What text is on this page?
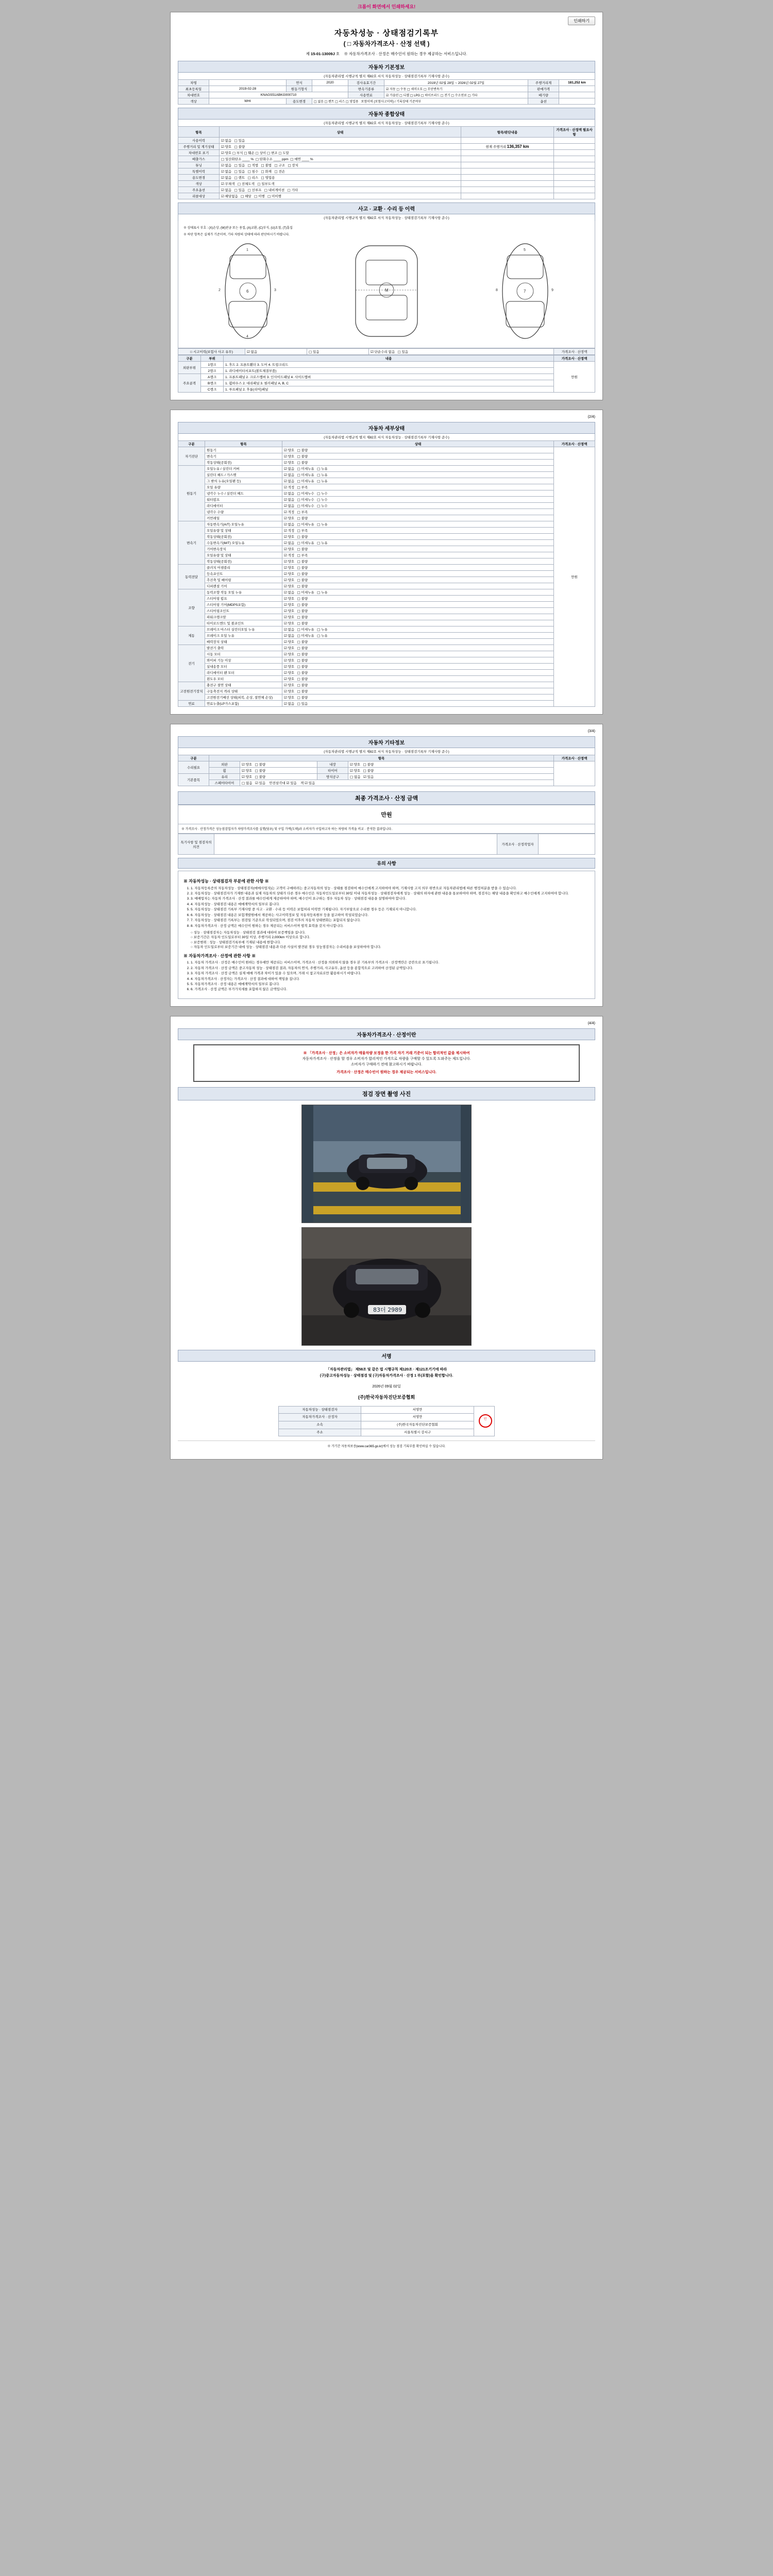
크롬이 화면에서 인쇄하세요!
인쇄하기
자동차성능 · 상태점검기록부
( □ 자동차가격조사 · 산정 선택 )
제 15-01-13009J 호 ※ 자동차가격조사 · 산정은 매수인이 원하는 경우 제공하는 서비스입니다.
자동차 기본정보
(자동차관리법 시행규칙 별지 제82호 서식 자동차성능 · 상태점검기록부 기재사항 준수)
차명		연식	2020	검사유효기간	2019년 02월 28일 ~ 2026년 02월 27일	주행거리계	181,252 km
최초등록일	2019-02-28	원동기형식		변속기종류	☑ 자동 □ 수동 □ 세미오토 □ 무단변속기	판매가격	
차대번호	KNAGS51ABKG000710			사용연료	☑ 가솔린 □ 디젤 □ LPG □ 하이브리드 □ 전기 □ 수소연료 □ 기타	배기량	
색상	WHI	용도변경	□ 없음 □ 렌트 □ 리스 □ 영업용   보험이력 (보험사고이력) / 기록상태 기준여부			옵션	
자동차 종합상태
(자동차관리법 시행규칙 별지 제82호 서식 자동차성능 · 상태점검기록부 기재사항 준수)
항목	상태	항목/판단내용	가격조사 · 산정액 필요사항
사용이력	☑ 없음   □ 있음		
주행거리 및 계기상태	☑ 양호   □ 불량	현재 주행거리 136,357 km	
차대번호 표기	☑ 양호 □ 부식 □ 훼손 □ 상이 □ 변조 □ 도말		
배출가스	□ 일산화탄소 ____ %  □ 탄화수소 ____ ppm  □ 매연 ____ %		
튜닝	☑ 없음   □ 있음   □ 적법   □ 불법   □ 구조   □ 장치		
특별이력	☑ 없음   □ 있음   □ 침수   □ 화재   □ 전손		
용도변경	☑ 없음   □ 렌트   □ 리스   □ 영업용		
색상	☑ 무채색   □ 전체도색   □ 일부도색		
주요옵션	☑ 없음   □ 있음   □ 선루프   □ 내비게이션   □ 기타		
리콜대상	☑ 해당없음   □ 해당   □ 이행   □ 미이행		
사고 · 교환 · 수리 등 이력
(자동차관리법 시행규칙 별지 제82호 서식 자동차성능 · 상태점검기록부 기재사항 준수)
※ 상태표시 부호 : (X)손상, (W)판금 또는 용접, (A)교환, (C)부식, (U)요철, (T)흠집
※ 하단 항목은 실제가 기준이며, 기타 차량의 상태에 따라 판단하시기 바랍니다.
6
1
4
2	3	M	7
5
8	9
□ 시고이력(보험사 사고 유무)	☑ 없음	□ 있음	☑ 단순수리 없음   □ 있음	가격조사 · 산정액
구분	부위	내용	가격조사 · 산정액
외판부위	1랭크	1. 후드 2. 프론트휀더 3. 도어 4. 트렁크리드	만원
	2랭크	1. 라디에이터서포트(볼트체결부품)	
주요골격	A랭크	1. 프론트패널 2. 크로스멤버 3. 인사이드패널 4. 사이드멤버	
	B랭크	1. 휠하우스 2. 대쉬패널 3. 필러패널 A, B, C	
	C랭크	1. 루프패널 2. 후륜(리어)패널	
(2/4)
자동차 세부상태
(자동차관리법 시행규칙 별지 제82호 서식 자동차성능 · 상태점검기록부 기재사항 준수)
구분	항목	상태	가격조사 · 산정액
자기진단	원동기	☑ 양호   □ 불량	만원
	변속기	☑ 양호   □ 불량	
	작동상태(공회전)	☑ 양호   □ 불량	
원동기	오일누유 / 실린더 커버	☑ 없음   □ 미세누유   □ 누유	
	실린더 헤드 / 가스켓	☑ 없음   □ 미세누유   □ 누유	
	그 밖의 누유(오일팬 등)	☑ 없음   □ 미세누유   □ 누유	
	오일 유량	☑ 적정   □ 부족	
	냉각수 누수 / 실린더 헤드	☑ 없음   □ 미세누수   □ 누수	
	워터펌프	☑ 없음   □ 미세누수   □ 누수	
	라디에이터	☑ 없음   □ 미세누수   □ 누수	
	냉각수 수량	☑ 적정   □ 부족	
	커먼레일	☑ 양호   □ 불량	
변속기	자동변속기(A/T) 오일누유	☑ 없음   □ 미세누유   □ 누유	
	오일유량 및 상태	☑ 적정   □ 부족	
	작동상태(공회전)	☑ 양호   □ 불량	
	수동변속기(M/T) 오일누유	☑ 없음   □ 미세누유   □ 누유	
	기어변속장치	☑ 양호   □ 불량	
	오일유량 및 상태	☑ 적정   □ 부족	
	작동상태(공회전)	☑ 양호   □ 불량	
동력전달	클러치 어셈블리	☑ 양호   □ 불량	
	등속죠인트	☑ 양호   □ 불량	
	추진축 및 베어링	☑ 양호   □ 불량	
	디퍼렌셜 기어	☑ 양호   □ 불량	
조향	동력조향 작동 오일 누유	☑ 없음   □ 미세누유   □ 누유	
	스티어링 펌프	☑ 양호   □ 불량	
	스티어링 기어(MDPS포함)	☑ 양호   □ 불량	
	스티어링조인트	☑ 양호   □ 불량	
	파워크랭크암	☑ 양호   □ 불량	
	타이로드엔드 및 볼죠인트	☑ 양호   □ 불량	
제동	브레이크 마스터 실린더오일 누유	☑ 없음   □ 미세누유   □ 누유	
	브레이크 오일 누유	☑ 없음   □ 미세누유   □ 누유	
	배력장치 상태	☑ 양호   □ 불량	
전기	발전기 출력	☑ 양호   □ 불량	
	시동 모터	☑ 양호   □ 불량	
	와이퍼 기능 이상	☑ 양호   □ 불량	
	실내송풍 모터	☑ 양호   □ 불량	
	라디에이터 팬 모터	☑ 양호   □ 불량	
	윈도우 모터	☑ 양호   □ 불량	
고전원전기장치	충전구 절연 상태	☑ 양호   □ 불량	
	구동축전지 격리 상태	☑ 양호   □ 불량	
	고전원전기배선 상태(피복, 손상, 절연체 손상)	☑ 양호   □ 불량	
연료	연료누출(LP가스포함)	☑ 없음   □ 있음	
(3/4)
자동차 기타정보
(자동차관리법 시행규칙 별지 제82호 서식 자동차성능 · 상태점검기록부 기재사항 준수)
구분	항목				가격조사 · 산정액
수리필요	외판	☑ 양호   □ 불량	내장	☑ 양호   □ 불량	
	휠	☑ 양호   □ 불량	타이어	☑ 양호   □ 불량	
기본품목	유리	☑ 양호   □ 불량	방치공구	□ 없음   ☑ 있음	
	스페어타이어	□ 없음   ☑ 있음    안전삼각대 ☑ 있음    잭 ☑ 있음			
최종 가격조사 · 산정 금액
만원
※ 가격조사 · 산정가격은 성능점검업자가 차량가격조사를 실행(당초) 및 구입 가액(도매)과 소비자가 구입하고자 하는 차량의 가격을 비교 · 분석한 결과입니다.
특기사항 및 점검자의 의견		가격조사 · 산정작업자	
유의 사항
※ 자동차성능 · 상태점검자 부분에 관한 사항 ※
1. 1. 자동차등록증의 자동차성능 · 상태점검자(매매사업자)는 고객이 구매하려는 중고자동차의 성능 · 상태를 점검하여 매수인에게 고지하여야 하며, 기재사항 고지 의무 위반으로 자동차관리법에 따른 행정처분을 받을 수 있습니다.
2. 2. 자동차성능 · 상태점검자가 기재한 내용과 실제 자동차의 상태가 다른 경우 매수인은 자동차인도일로부터 30일 이내 자동차성능 · 상태점검자에게 성능 · 상태의 하자에 관한 내용을 통보하여야 하며, 점검자는 해당 내용을 확인하고 매수인에게 고지하여야 합니다.
3. 3. 매매업자는 자동차 가격조사 · 산정 결과를 매수인에게 제공하여야 하며, 매수인이 요구하는 경우 자동차 성능 · 상태점검 내용을 설명하여야 합니다.
4. 4. 자동차성능 · 상태점검 내용은 매매계약서의 일부로 봅니다.
5. 5. 자동차성능 · 상태점검 기록부 기재사항 중 사고 · 교환 · 수리 등 이력은 보험처리 이력만 기재됩니다. 자기부담으로 수리한 경우 등은 기재되지 아니합니다.
6. 6. 자동차성능 · 상태점검 내용은 보험개발원에서 제공하는 사고이력정보 및 자동차등록원부 등을 참고하여 작성되었습니다.
7. 7. 자동차성능 · 상태점검 기록부는 점검일 기준으로 작성되었으며, 점검 이후의 자동차 상태변화는 포함되지 않습니다.
8. 8. 자동차가격조사 · 산정 금액은 매수인이 원하는 경우 제공되는 서비스이며 법적 효력을 갖지 아니합니다.
○ 성능 · 상태점검자는 자동차성능 · 상태점검 결과에 대하여 보증책임을 집니다.
○ 보증기간은 자동차 인도일로부터 30일 이상, 주행거리 2,000km 이상으로 합니다.
○ 보증범위 : 성능 · 상태점검기록부에 기재된 내용에 한합니다.
○ 자동차 인도일로부터 보증기간 내에 성능 · 상태점검 내용과 다른 사실이 발견된 경우 성능점검자는 수리비용을 보상하여야 합니다.
※ 자동차가격조사 · 산정에 관한 사항 ※
1. 1. 자동차 가격조사 · 산정은 매수인이 원하는 경우에만 제공되는 서비스이며, 가격조사 · 산정을 의뢰하지 않을 경우 본 기록부의 가격조사 · 산정액란은 공란으로 표기됩니다.
2. 2. 자동차 가격조사 · 산정 금액은 중고자동차 성능 · 상태점검 결과, 자동차의 연식, 주행거리, 사고유무, 옵션 등을 종합적으로 고려하여 산정된 금액입니다.
3. 3. 자동차 가격조사 · 산정 금액은 실제 매매 가격과 차이가 있을 수 있으며, 거래 시 참고자료로만 활용하시기 바랍니다.
4. 4. 자동차가격조사 · 산정자는 가격조사 · 산정 결과에 대하여 책임을 집니다.
5. 5. 자동차가격조사 · 산정 내용은 매매계약서의 일부로 봅니다.
6. 6. 가격조사 · 산정 금액은 부가가치세를 포함하지 않은 금액입니다.
(4/4)
자동차가격조사 · 산정이란
※ 「가격조사 · 산정」은 소비자가 매물차량 보정을 한 가격 자기 거래 기준이 되는 합리적인 값을 제시하여
자동차가격조사 · 산정을 할 경우 소비자가 합리적인 가격으로 차량을 구매할 수 있도록 도와주는 제도입니다.
소비자가 구매하기 전에 참고하시기 바랍니다.
가격조사 · 산정은 매수인이 원하는 경우 제공되는 서비스입니다.
점검 장면 촬영 사진
83더 2989
서명
「자동차관리법」 제58조 및 같은 법 시행규칙 제120조 · 제121조기기에 따라
(구)중고자동차성능 · 상태점검 및 (구)자동차가격조사 · 산정 1 부(포함)을 확인합니다.
2026년 09월 02일
(주)한국자동차진단보증협회
자동차성능 · 상태점검자	서영만	인
자동차가격조사 · 산정자	서영만	
소속	(주)한국자동차진단보증협회	
주소	서울특별시 강서구	
※ 가기간 자동차보증(www.car365.go.kr)에서 성능 점검 기록부를 확인하실 수 있습니다.
